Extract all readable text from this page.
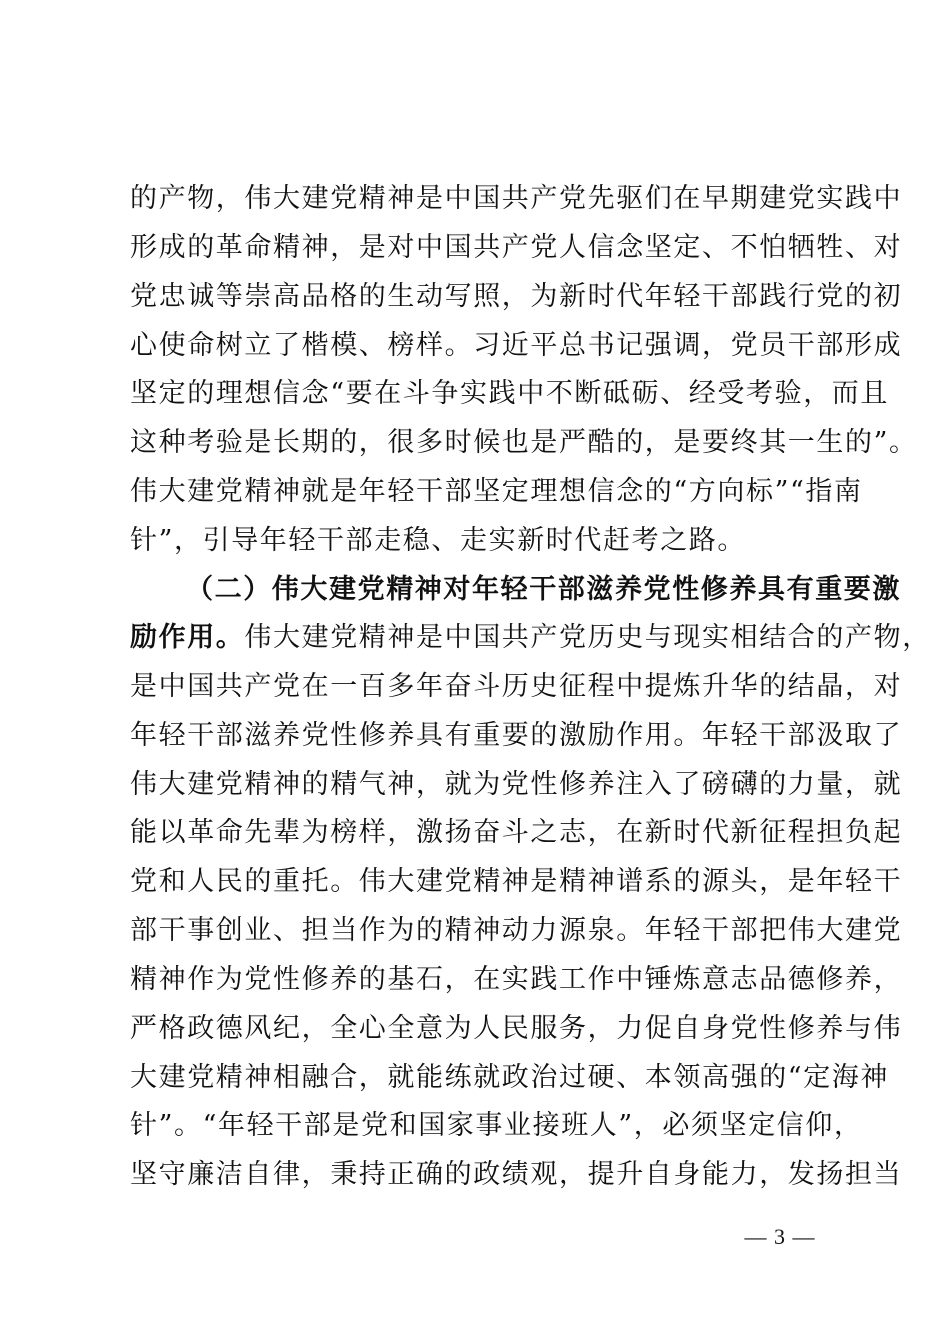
的产物，伟大建党精神是中国共产党先驱们在早期建党实践中
形成的革命精神，是对中国共产党人信念坚定、不怕牺牲、对
党忠诚等崇高品格的生动写照，为新时代年轻干部践行党的初
心使命树立了楷模、榜样。习近平总书记强调，党员干部形成
坚定的理想信念“要在斗争实践中不断砥砺、经受考验，而且
这种考验是长期的，很多时候也是严酷的，是要终其一生的”。
伟大建党精神就是年轻干部坚定理想信念的“方向标”“指南
针”，引导年轻干部走稳、走实新时代赶考之路。
（二）伟大建党精神对年轻干部滋养党性修养具有重要激
励作用。伟大建党精神是中国共产党历史与现实相结合的产物，
是中国共产党在一百多年奋斗历史征程中提炼升华的结晶，对
年轻干部滋养党性修养具有重要的激励作用。年轻干部汲取了
伟大建党精神的精气神，就为党性修养注入了磅礴的力量，就
能以革命先辈为榜样，激扬奋斗之志，在新时代新征程担负起
党和人民的重托。伟大建党精神是精神谱系的源头，是年轻干
部干事创业、担当作为的精神动力源泉。年轻干部把伟大建党
精神作为党性修养的基石，在实践工作中锤炼意志品德修养，
严格政德风纪，全心全意为人民服务，力促自身党性修养与伟
大建党精神相融合，就能练就政治过硬、本领高强的“定海神
针”。“年轻干部是党和国家事业接班人”，必须坚定信仰，
坚守廉洁自律，秉持正确的政绩观，提升自身能力，发扬担当
— 3 —
